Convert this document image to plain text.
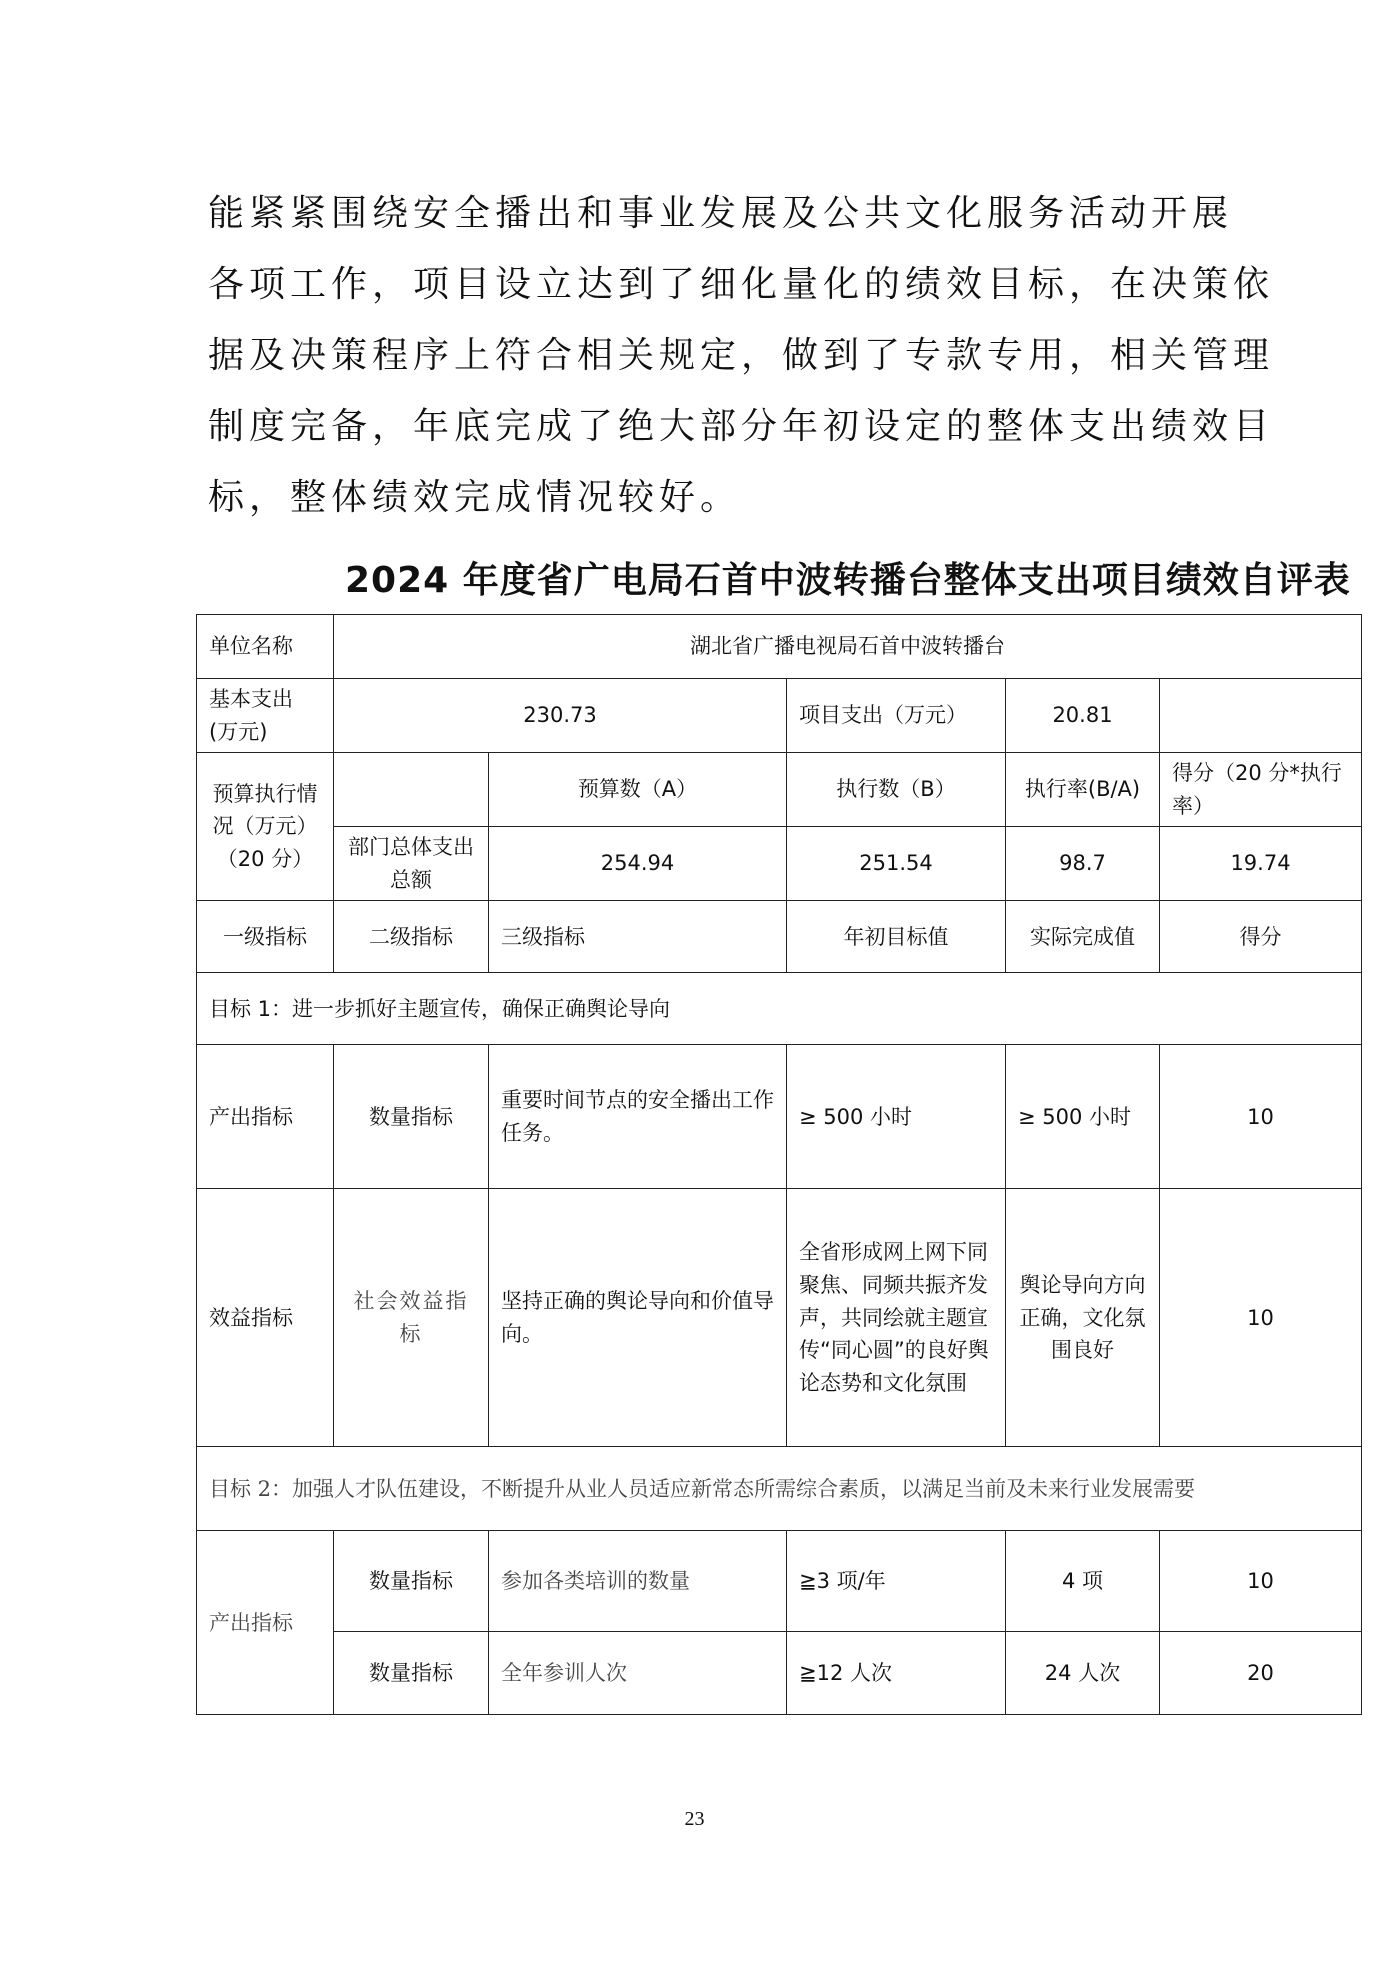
能紧紧围绕安全播出和事业发展及公共文化服务活动开展
各项工作，项目设立达到了细化量化的绩效目标，在决策依
据及决策程序上符合相关规定，做到了专款专用，相关管理
制度完备，年底完成了绝大部分年初设定的整体支出绩效目
标，整体绩效完成情况较好。
2024 年度省广电局石首中波转播台整体支出项目绩效自评表
单位名称	湖北省广播电视局石首中波转播台				
基本支出(万元)	230.73		项目支出（万元）	20.81	
预算执行情况（万元）（20 分）		预算数（A）	执行数（B）	执行率(B/A)	得分（20 分*执行率）
	部门总体支出总额	254.94	251.54	98.7	19.74
一级指标	二级指标	三级指标	年初目标值	实际完成值	得分
目标 1：进一步抓好主题宣传，确保正确舆论导向					
产出指标	数量指标	重要时间节点的安全播出工作任务。	≥ 500 小时	≥ 500 小时	10
效益指标	社会效益指标	坚持正确的舆论导向和价值导向。	全省形成网上网下同聚焦、同频共振齐发声，共同绘就主题宣传“同心圆”的良好舆论态势和文化氛围	舆论导向方向正确，文化氛围良好	10
目标 2：加强人才队伍建设，不断提升从业人员适应新常态所需综合素质，以满足当前及未来行业发展需要					
产出指标	数量指标	参加各类培训的数量	≧3 项/年	4 项	10
	数量指标	全年参训人次	≧12 人次	24 人次	20
23
